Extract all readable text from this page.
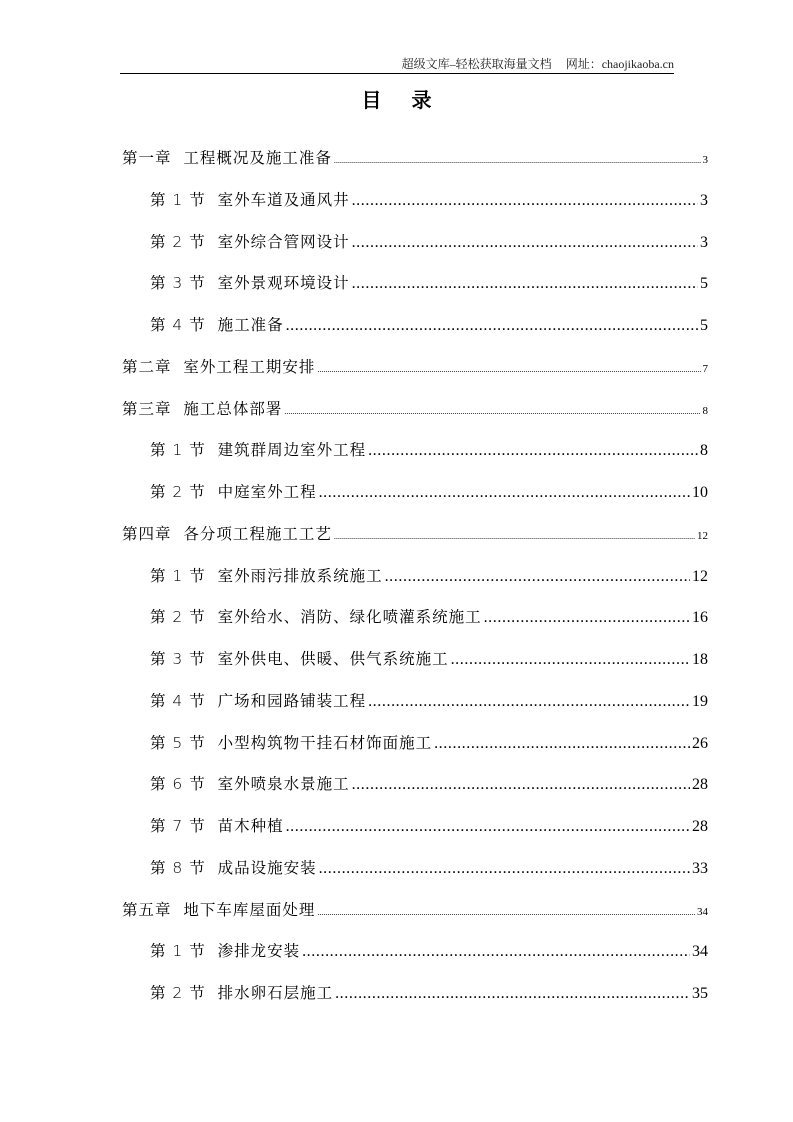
超级文库–轻松获取海量文档 网址：chaojikaoba.cn
目录
第一章  工程概况及施工准备 .....	3
第 1 节  室外车道及通风井 .....	3
第 2 节  室外综合管网设计 .....	3
第 3 节  室外景观环境设计 .....	5
第 4 节  施工准备 .....	5
第二章  室外工程工期安排 .....	7
第三章  施工总体部署 .....	8
第 1 节  建筑群周边室外工程 .....	8
第 2 节  中庭室外工程 .....	10
第四章  各分项工程施工工艺 .....	12
第 1 节  室外雨污排放系统施工 .....	12
第 2 节  室外给水、消防、绿化喷灌系统施工 .....	16
第 3 节  室外供电、供暖、供气系统施工 .....	18
第 4 节  广场和园路铺装工程 .....	19
第 5 节  小型构筑物干挂石材饰面施工 .....	26
第 6 节  室外喷泉水景施工 .....	28
第 7 节  苗木种植 .....	28
第 8 节  成品设施安装 .....	33
第五章  地下车库屋面处理 .....	34
第 1 节  渗排龙安装 .....	34
第 2 节  排水卵石层施工 .....	35
